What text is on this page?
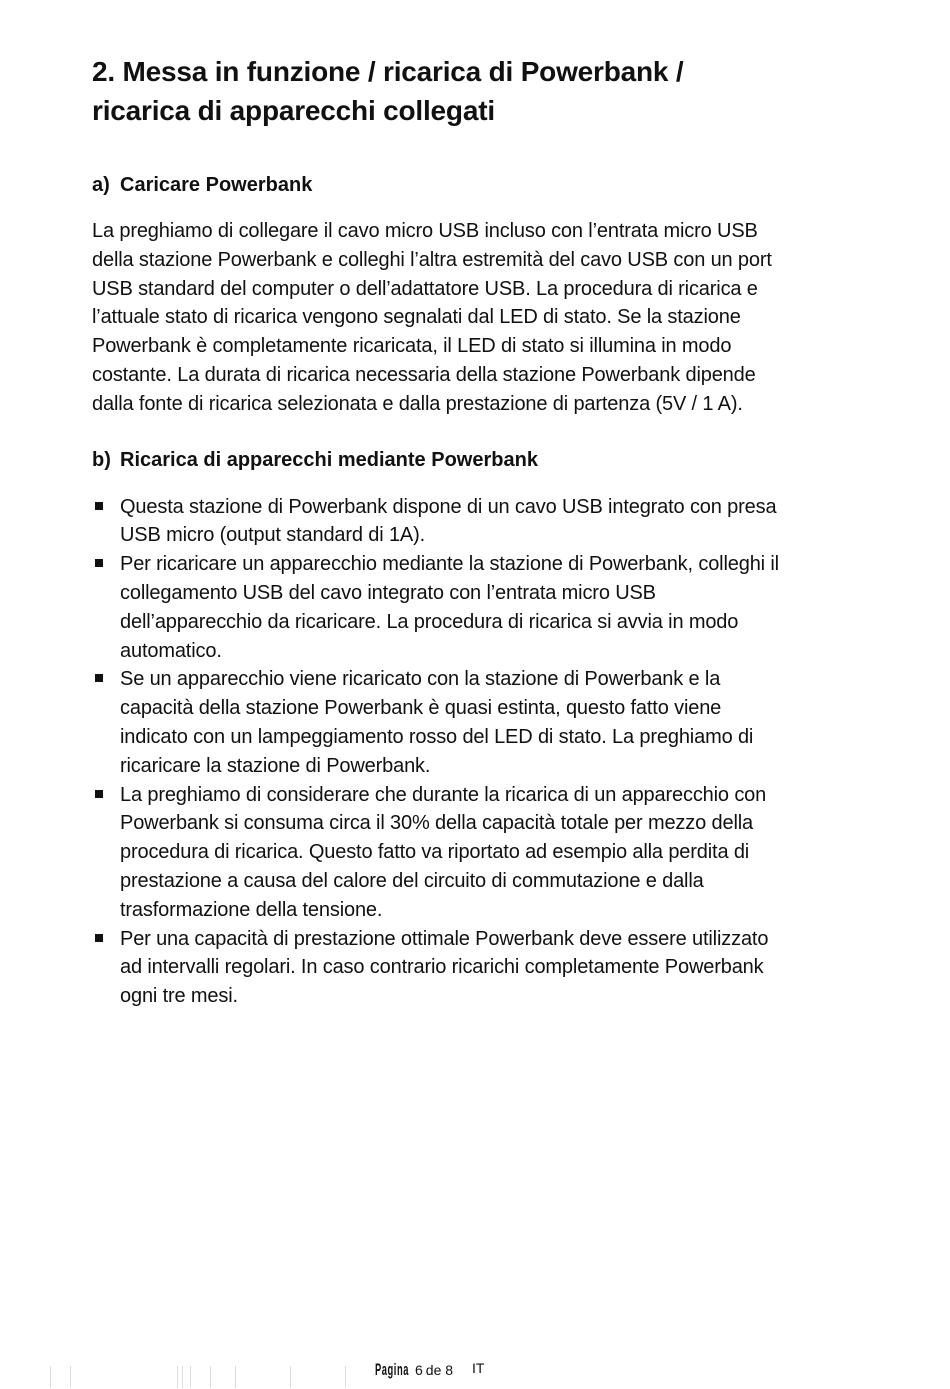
2. Messa in funzione / ricarica di Powerbank /
ricarica di apparecchi collegati
a) Caricare Powerbank

La preghiamo di collegare il cavo micro USB incluso con l’entrata micro USB della stazione Powerbank e colleghi l’altra estremità del cavo USB con un port USB standard del computer o dell’adattatore USB. La procedura di ricarica e l’attuale stato di ricarica vengono segnalati dal LED di stato. Se la stazione Powerbank è completamente ricaricata, il LED di stato si illumina in modo costante. La durata di ricarica necessaria della stazione Powerbank dipende dalla fonte di ricarica selezionata e dalla prestazione di partenza (5V / 1 A).

b) Ricarica di apparecchi mediante Powerbank
Questa stazione di Powerbank dispone di un cavo USB integrato con presa USB micro (output standard di 1A).
Per ricaricare un apparecchio mediante la stazione di Powerbank, colleghi il collegamento USB del cavo integrato con l’entrata micro USB dell’apparecchio da ricaricare. La procedura di ricarica si avvia in modo automatico.
Se un apparecchio viene ricaricato con la stazione di Powerbank e la capacità della stazione Powerbank è quasi estinta, questo fatto viene indicato con un lampeggiamento rosso del LED di stato. La preghiamo di ricaricare la stazione di Powerbank.
La preghiamo di considerare che durante la ricarica di un apparecchio con Powerbank si consuma circa il 30% della capacità totale per mezzo della procedura di ricarica. Questo fatto va riportato ad esempio alla perdita di prestazione a causa del calore del circuito di commutazione e dalla trasformazione della tensione.
Per una capacità di prestazione ottimale Powerbank deve essere utilizzato ad intervalli regolari. In caso contrario ricarichi completamente Powerbank ogni tre mesi.
Pagina 6 de 8 IT
